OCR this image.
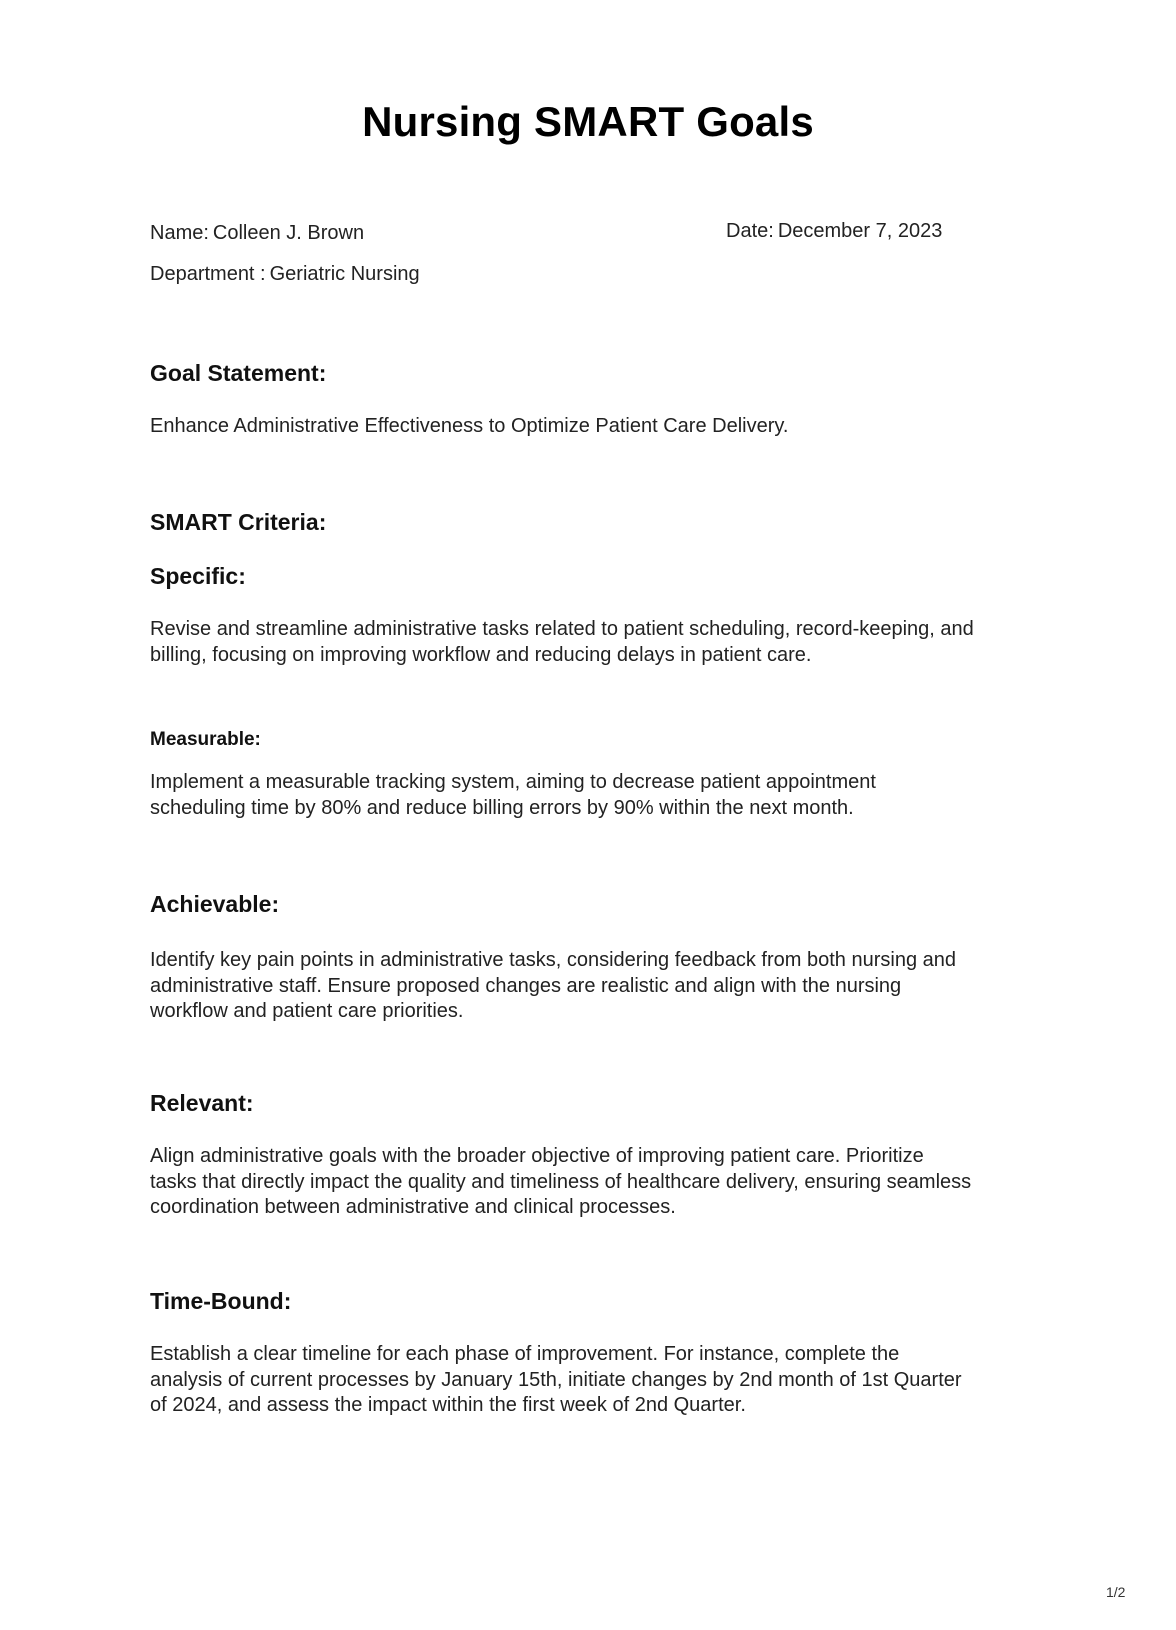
Nursing SMART Goals
Name: Colleen J. Brown	Date: December 7, 2023
Department : Geriatric Nursing
Goal Statement:
Enhance Administrative Effectiveness to Optimize Patient Care Delivery.
SMART Criteria:
Specific:
Revise and streamline administrative tasks related to patient scheduling, record-keeping, and
billing, focusing on improving workflow and reducing delays in patient care.
Measurable:
Implement a measurable tracking system, aiming to decrease patient appointment
scheduling time by 80% and reduce billing errors by 90% within the next month.
Achievable:
Identify key pain points in administrative tasks, considering feedback from both nursing and
administrative staff. Ensure proposed changes are realistic and align with the nursing
workflow and patient care priorities.
Relevant:
Align administrative goals with the broader objective of improving patient care. Prioritize
tasks that directly impact the quality and timeliness of healthcare delivery, ensuring seamless
coordination between administrative and clinical processes.
Time-Bound:
Establish a clear timeline for each phase of improvement. For instance, complete the
analysis of current processes by January 15th, initiate changes by 2nd month of 1st Quarter
of 2024, and assess the impact within the first week of 2nd Quarter.
1/2
